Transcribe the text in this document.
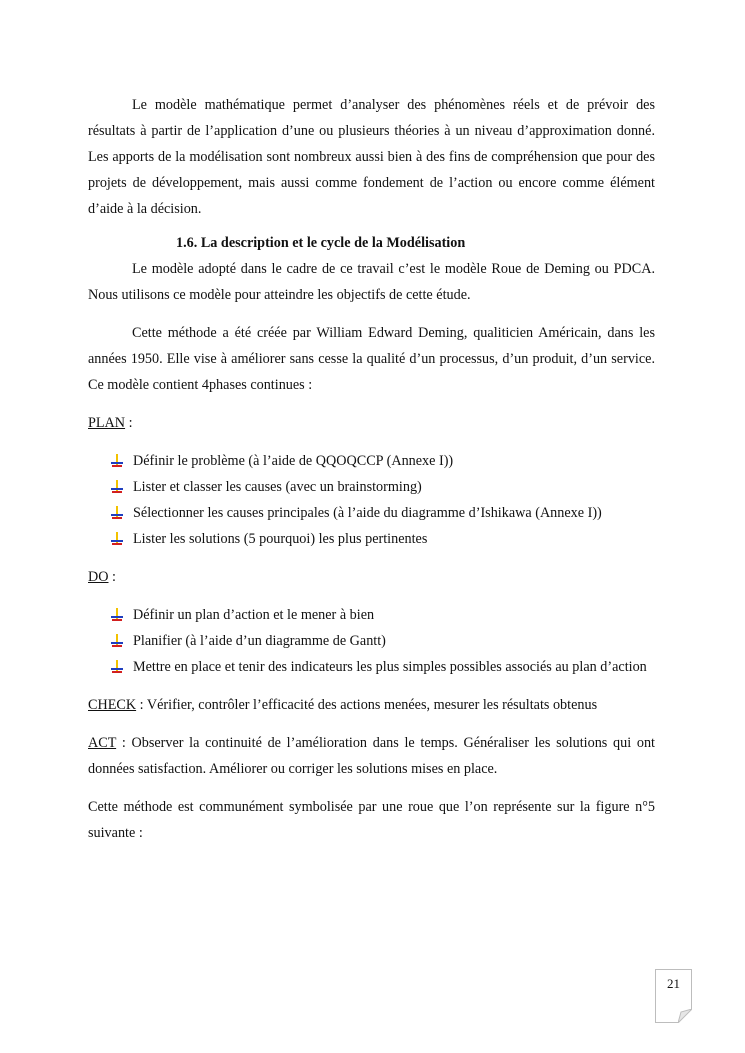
Le modèle mathématique permet d’analyser des phénomènes réels et de prévoir des résultats à partir de l’application d’une ou plusieurs théories à un niveau d’approximation donné. Les apports de la modélisation sont nombreux aussi bien à des fins de compréhension que pour des projets de développement, mais aussi comme fondement de l’action ou encore comme élément d’aide à la décision.

1.6. La description et le cycle de la Modélisation

Le modèle adopté dans le cadre de ce travail c’est le modèle Roue de Deming ou PDCA. Nous utilisons ce modèle pour atteindre les objectifs de cette étude.

Cette méthode a été créée par William Edward Deming, qualiticien Américain, dans les années 1950. Elle vise à améliorer sans cesse la qualité d’un processus, d’un produit, d’un service. Ce modèle contient 4phases continues :

PLAN :

Définir le problème (à l’aide de QQOQCCP (Annexe I))
Lister et classer les causes (avec un brainstorming)
Sélectionner les causes principales (à l’aide du diagramme d’Ishikawa (Annexe I))
Lister les solutions (5 pourquoi) les plus pertinentes

DO :

Définir un plan d’action et le mener à bien
Planifier (à l’aide d’un diagramme de Gantt)
Mettre en place et tenir des indicateurs les plus simples possibles associés au plan d’action

CHECK : Vérifier, contrôler l’efficacité des actions menées, mesurer les résultats obtenus

ACT : Observer la continuité de l’amélioration dans le temps. Généraliser les solutions qui ont données satisfaction. Améliorer ou corriger les solutions mises en place.

Cette méthode est communément symbolisée par une roue que l’on représente sur la figure n°5 suivante :

21
